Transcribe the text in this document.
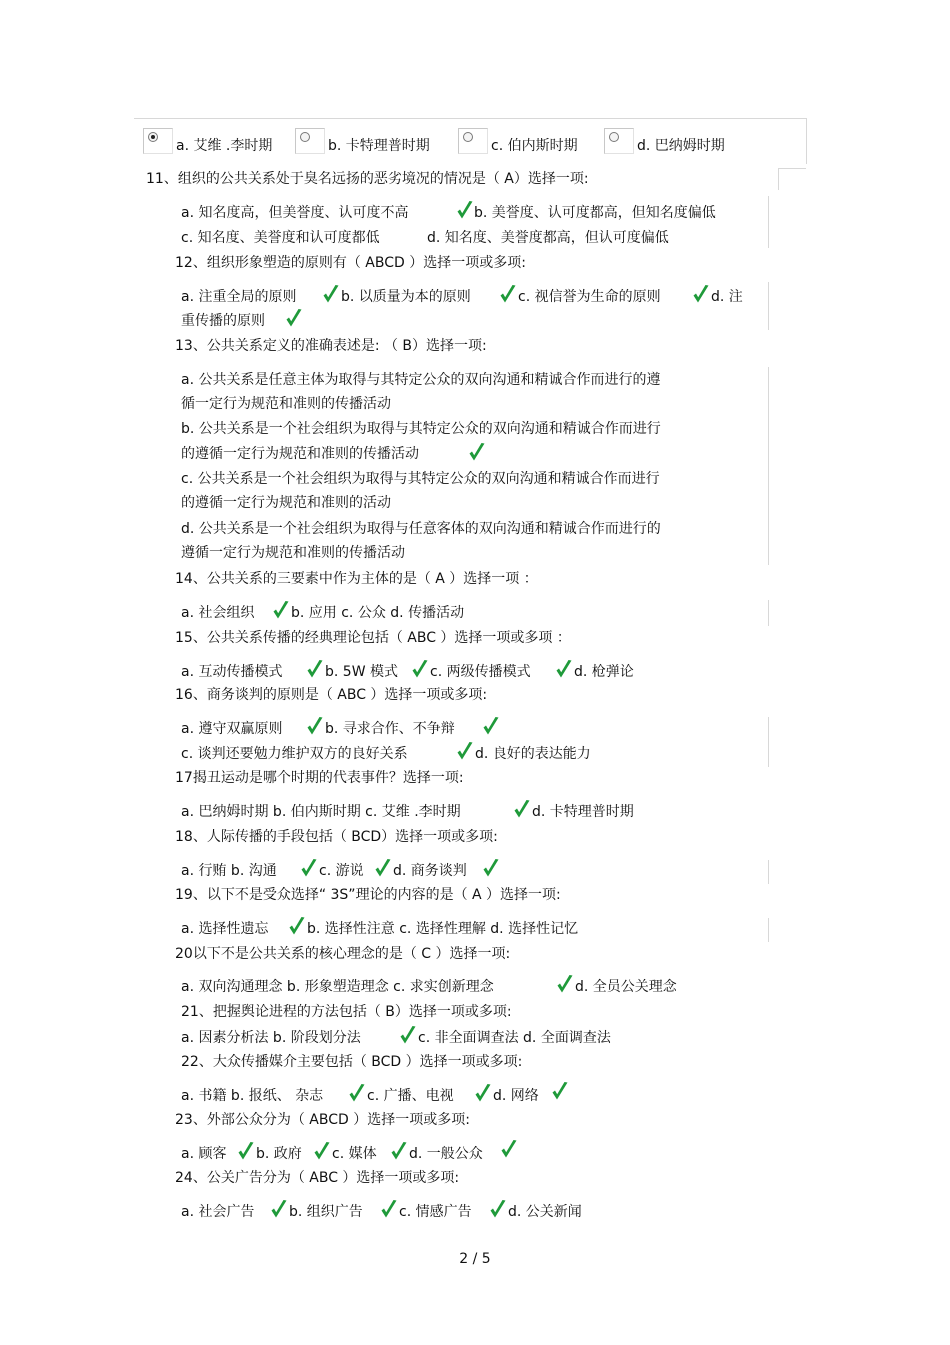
a. 艾维 .李时期	b. 卡特理普时期	c. 伯内斯时期	d. 巴纳姆时期
11、组织的公共关系处于臭名远扬的恶劣境况的情况是（ A）选择一项:
a. 知名度高，但美誉度、认可度不高	b. 美誉度、认可度都高，但知名度偏低
c. 知名度、美誉度和认可度都低	d. 知名度、美誉度都高，但认可度偏低
12、组织形象塑造的原则有（ ABCD ）选择一项或多项:
a. 注重全局的原则	b. 以质量为本的原则	c. 视信誉为生命的原则	d. 注
重传播的原则
13、公共关系定义的准确表述是: （ B）选择一项:
a. 公共关系是任意主体为取得与其特定公众的双向沟通和精诚合作而进行的遵
循一定行为规范和准则的传播活动
b. 公共关系是一个社会组织为取得与其特定公众的双向沟通和精诚合作而进行
的遵循一定行为规范和准则的传播活动
c. 公共关系是一个社会组织为取得与其特定公众的双向沟通和精诚合作而进行
的遵循一定行为规范和准则的活动
d. 公共关系是一个社会组织为取得与任意客体的双向沟通和精诚合作而进行的
遵循一定行为规范和准则的传播活动
14、公共关系的三要素中作为主体的是（ A ）选择一项 ：
a. 社会组织	b. 应用 c. 公众 d. 传播活动
15、公共关系传播的经典理论包括（ ABC ）选择一项或多项 ：
a. 互动传播模式	b. 5W 模式 c. 两级传播模式	d. 枪弹论
16、商务谈判的原则是（ ABC ）选择一项或多项:
a. 遵守双赢原则	b. 寻求合作、不争辩
c. 谈判还要勉力维护双方的良好关系	d. 良好的表达能力
17揭丑运动是哪个时期的代表事件？选择一项:
a. 巴纳姆时期 b. 伯内斯时期 c. 艾维 .李时期	d. 卡特理普时期
18、人际传播的手段包括（ BCD）选择一项或多项:
a. 行贿 b. 沟通	c. 游说 d. 商务谈判
19、以下不是受众选择“ 3S”理论的内容的是（ A ）选择一项:
a. 选择性遗忘	b. 选择性注意 c. 选择性理解 d. 选择性记忆
20以下不是公共关系的核心理念的是（ C ）选择一项:
a. 双向沟通理念 b. 形象塑造理念 c. 求实创新理念	d. 全员公关理念
21、把握舆论进程的方法包括（ B）选择一项或多项:
a. 因素分析法 b. 阶段划分法	c. 非全面调查法 d. 全面调查法
22、大众传播媒介主要包括（ BCD ）选择一项或多项:
a. 书籍 b. 报纸、 杂志	c. 广播、电视	d. 网络
23、外部公众分为（ ABCD ）选择一项或多项:
a. 顾客 b. 政府 c. 媒体 d. 一般公众
24、公关广告分为（ ABC ）选择一项或多项:
a. 社会广告 b. 组织广告	c. 情感广告	d. 公关新闻
2 / 5
